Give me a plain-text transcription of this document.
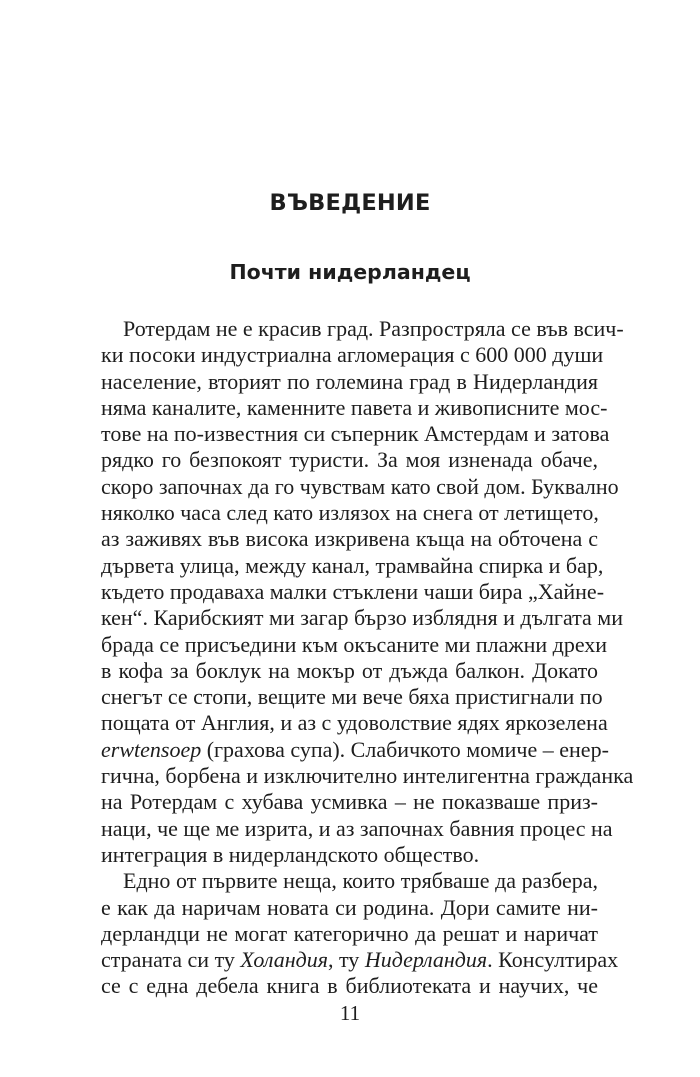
ВЪВЕДЕНИЕ
Почти нидерландец
Ротердам не е красив град. Разпростряла се във всич-
ки посоки индустриална агломерация с 600 000 души
население, вторият по големина град в Нидерландия
няма каналите, каменните павета и живописните мос-
тове на по-известния си съперник Амстердам и затова
рядко го безпокоят туристи. За моя изненада обаче,
скоро започнах да го чувствам като свой дом. Буквално
няколко часа след като излязох на снега от летището,
аз заживях във висока изкривена къща на обточена с
дървета улица, между канал, трамвайна спирка и бар,
където продаваха малки стъклени чаши бира „Хайне-
кен“. Карибският ми загар бързо изблядня и дългата ми
брада се присъедини към окъсаните ми плажни дрехи
в кофа за боклук на мокър от дъжда балкон. Докато
снегът се стопи, вещите ми вече бяха пристигнали по
пощата от Англия, и аз с удоволствие ядях яркозелена
erwtensoep (грахова супа). Слабичкото момиче – енер-
гична, борбена и изключително интелигентна гражданка
на Ротердам с хубава усмивка – не показваше приз-
наци, че ще ме изрита, и аз започнах бавния процес на
интеграция в нидерландското общество.
Едно от първите неща, които трябваше да разбера,
е как да наричам новата си родина. Дори самите ни-
дерландци не могат категорично да решат и наричат
страната си ту Холандия, ту Нидерландия. Консултирах
се с една дебела книга в библиотеката и научих, че
11
